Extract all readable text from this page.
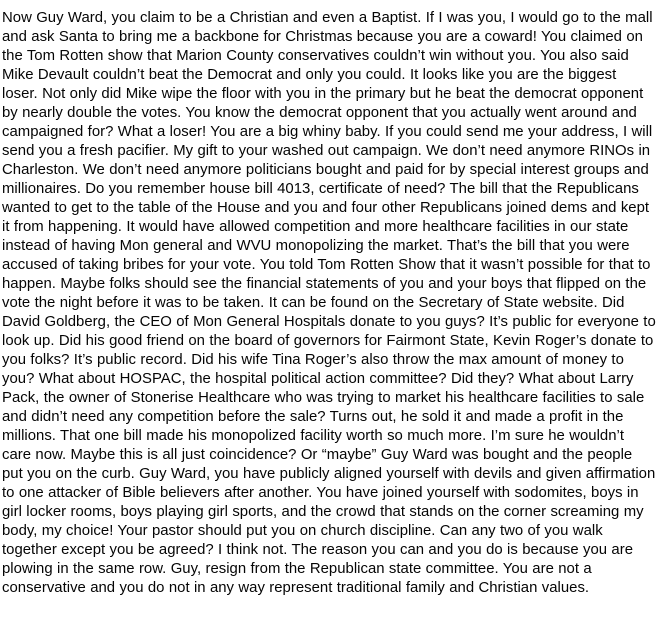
Now Guy Ward, you claim to be a Christian and even a Baptist. If I was you, I would go to the mall and ask Santa to bring me a backbone for Christmas because you are a coward! You claimed on the Tom Rotten show that Marion County conservatives couldn’t win without you. You also said Mike Devault couldn’t beat the Democrat and only you could. It looks like you are the biggest loser. Not only did Mike wipe the floor with you in the primary but he beat the democrat opponent by nearly double the votes. You know the democrat opponent that you actually went around and campaigned for? What a loser! You are a big whiny baby. If you could send me your address, I will send you a fresh pacifier. My gift to your washed out campaign. We don’t need anymore RINOs in Charleston. We don’t need anymore politicians bought and paid for by special interest groups and millionaires. Do you remember house bill 4013, certificate of need? The bill that the Republicans wanted to get to the table of the House and you and four other Republicans joined dems and kept it from happening. It would have allowed competition and more healthcare facilities in our state instead of having Mon general and WVU monopolizing the market. That’s the bill that you were accused of taking bribes for your vote. You told Tom Rotten Show that it wasn’t possible for that to happen. Maybe folks should see the financial statements of you and your boys that flipped on the vote the night before it was to be taken. It can be found on the Secretary of State website. Did David Goldberg, the CEO of Mon General Hospitals donate to you guys? It’s public for everyone to look up. Did his good friend on the board of governors for Fairmont State, Kevin Roger’s donate to you folks? It’s public record. Did his wife Tina Roger’s also throw the max amount of money to you? What about HOSPAC, the hospital political action committee? Did they? What about Larry Pack, the owner of Stonerise Healthcare who was trying to market his healthcare facilities to sale and didn’t need any competition before the sale? Turns out, he sold it and made a profit in the millions. That one bill made his monopolized facility worth so much more. I’m sure he wouldn’t care now. Maybe this is all just coincidence? Or “maybe” Guy Ward was bought and the people put you on the curb. Guy Ward, you have publicly aligned yourself with devils and given affirmation to one attacker of Bible believers after another. You have joined yourself with sodomites, boys in girl locker rooms, boys playing girl sports, and the crowd that stands on the corner screaming my body, my choice! Your pastor should put you on church discipline. Can any two of you walk together except you be agreed? I think not. The reason you can and you do is because you are plowing in the same row. Guy, resign from the Republican state committee. You are not a conservative and you do not in any way represent traditional family and Christian values.
